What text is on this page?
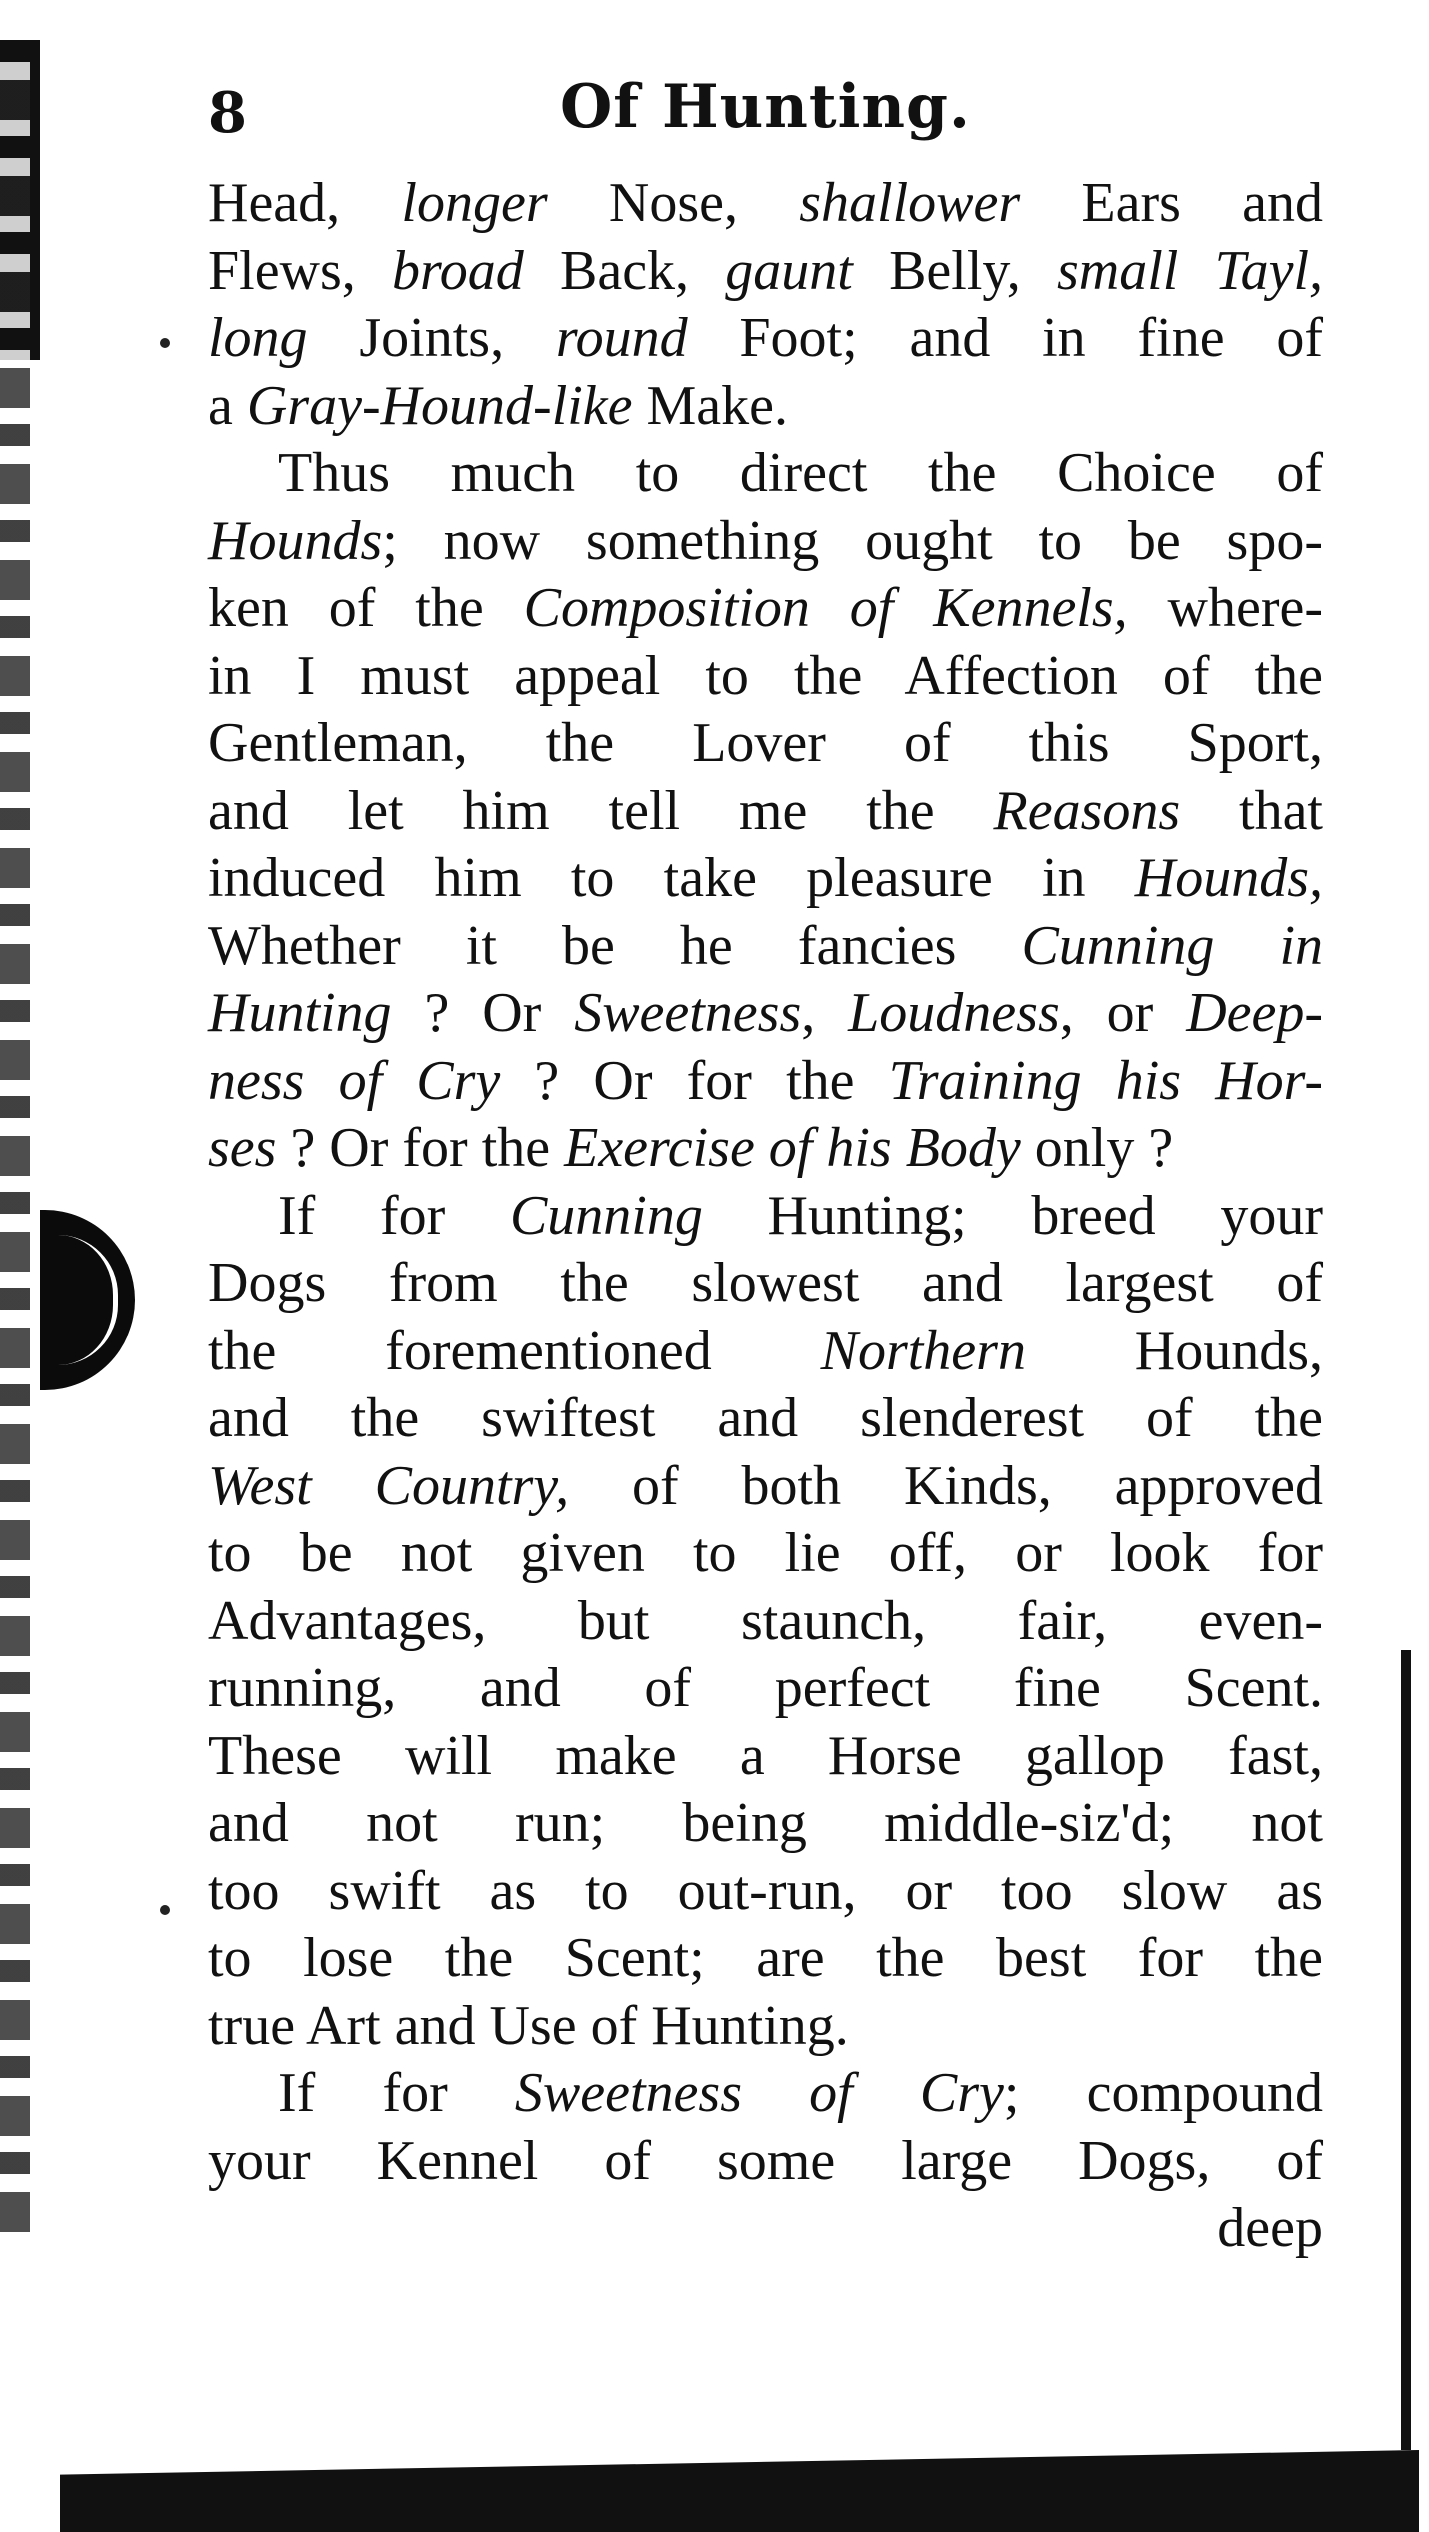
8	Of Hunting.
Head, longer Nose, shallower Ears and
Flews, broad Back, gaunt Belly, small Tayl,
long Joints, round Foot; and in fine of
a Gray-Hound-like Make.
Thus much to direct the Choice of
Hounds; now something ought to be spo-
ken of the Composition of Kennels, where-
in I must appeal to the Affection of the
Gentleman, the Lover of this Sport,
and let him tell me the Reasons that
induced him to take pleasure in Hounds,
Whether it be he fancies Cunning in
Hunting ? Or Sweetness, Loudness, or Deep-
ness of Cry ? Or for the Training his Hor-
ses ? Or for the Exercise of his Body only ?
If for Cunning Hunting; breed your
Dogs from the slowest and largest of
the forementioned Northern Hounds,
and the swiftest and slenderest of the
West Country, of both Kinds, approved
to be not given to lie off, or look for
Advantages, but staunch, fair, even-
running, and of perfect fine Scent.
These will make a Horse gallop fast,
and not run; being middle-siz'd; not
too swift as to out-run, or too slow as
to lose the Scent; are the best for the
true Art and Use of Hunting.
If for Sweetness of Cry; compound
your Kennel of some large Dogs, of
deep
